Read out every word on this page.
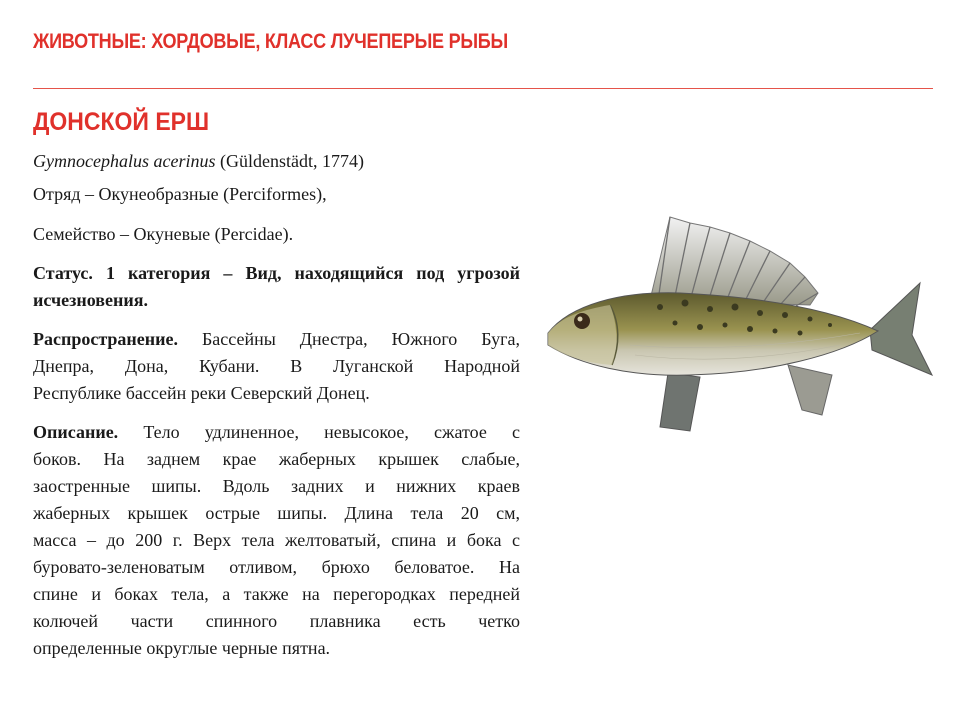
ЖИВОТНЫЕ: ХОРДОВЫЕ, КЛАСС ЛУЧЕПЕРЫЕ РЫБЫ
ДОНСКОЙ ЕРШ
Gymnocephalus acerinus (Güldenstädt, 1774)
Отряд – Окунеобразные (Perciformes),
Семейство – Окуневые (Percidae).
Статус. 1 категория – Вид, находящийся под угрозой
исчезновения.
Распространение. Бассейны Днестра, Южного Буга,
Днепра, Дона, Кубани. В Луганской Народной
Республике бассейн реки Северский Донец.
Описание. Тело удлиненное, невысокое, сжатое с
боков. На заднем крае жаберных крышек слабые,
заостренные шипы. Вдоль задних и нижних краев
жаберных крышек острые шипы. Длина тела 20 см,
масса – до 200 г. Верх тела желтоватый, спина и бока с
буровато-зеленоватым отливом, брюхо беловатое. На
спине и боках тела, а также на перегородках передней
колючей части спинного плавника есть четко
определенные округлые черные пятна.
